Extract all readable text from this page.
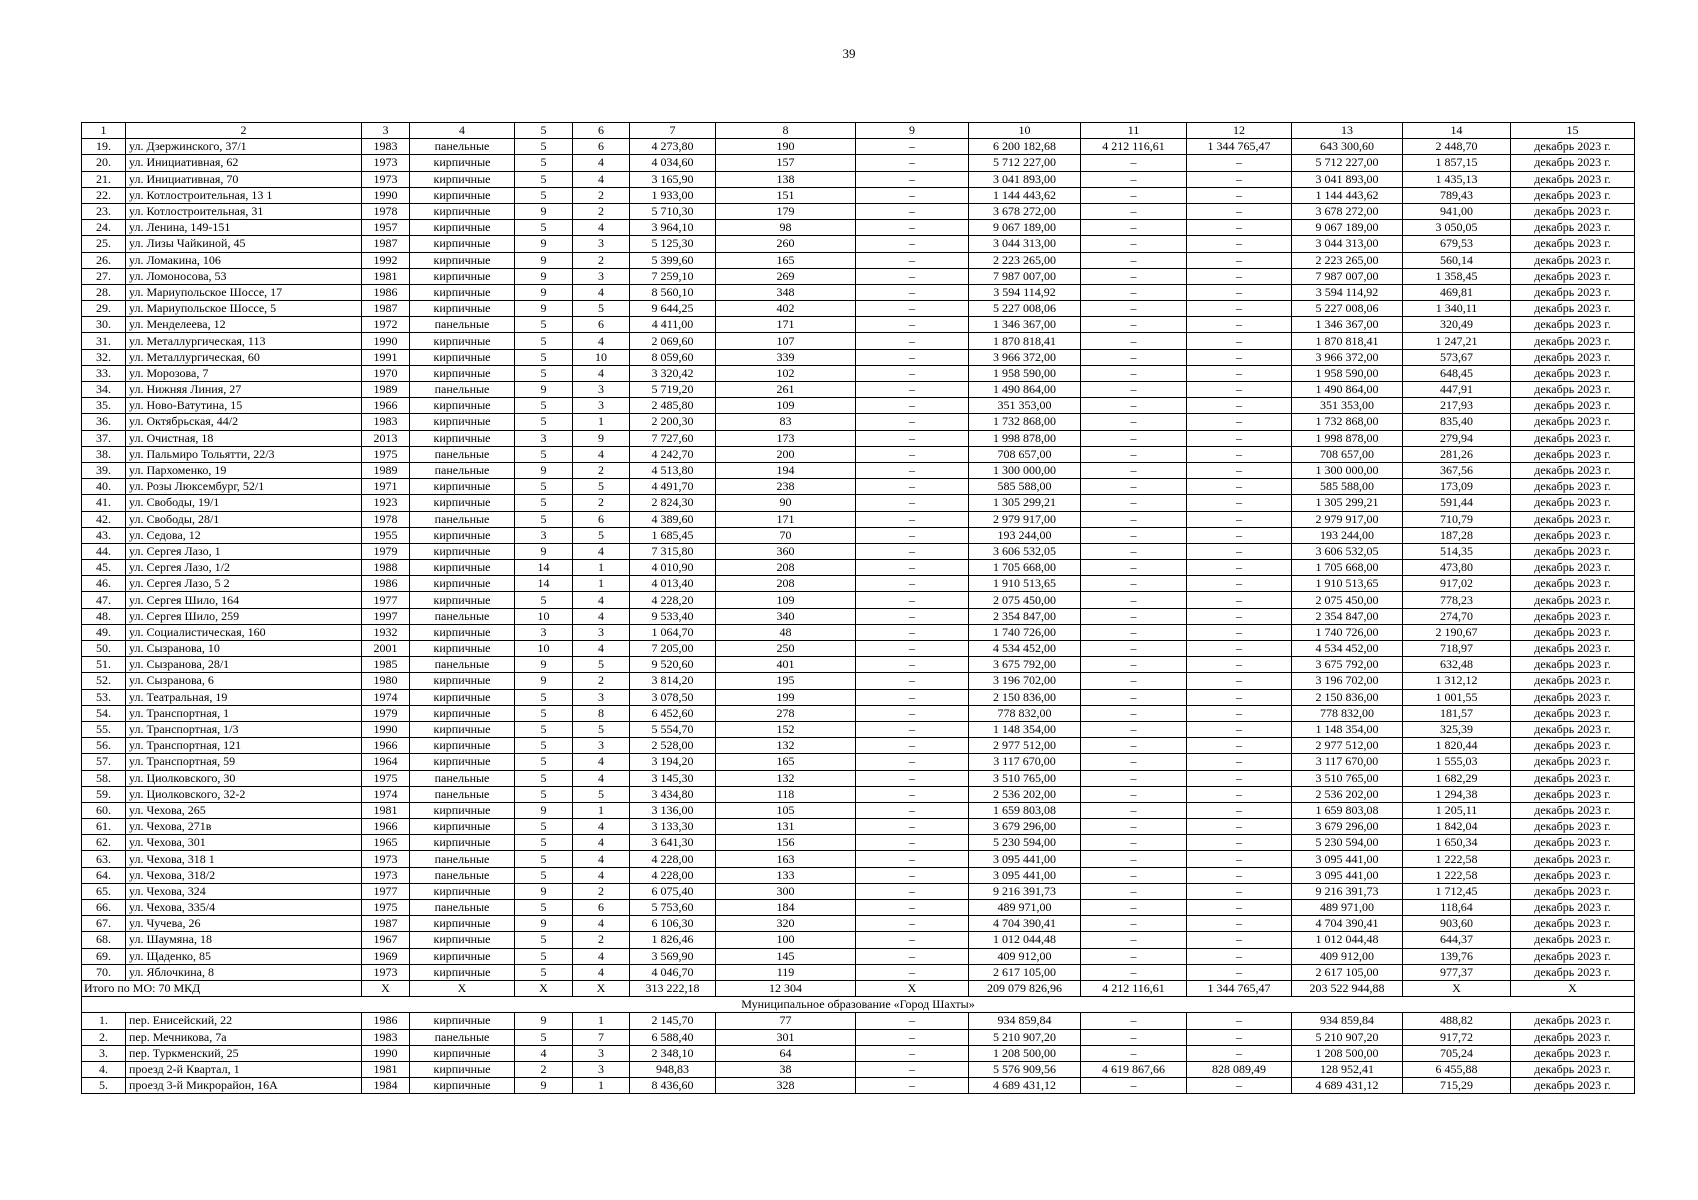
39
1	2	3	4	5	6	7	8	9	10	11	12	13	14	15
19.	ул. Дзержинского, 37/1	1983	панельные	5	6	4 273,80	190	–	6 200 182,68	4 212 116,61	1 344 765,47	643 300,60	2 448,70	декабрь 2023 г.
20.	ул. Инициативная, 62	1973	кирпичные	5	4	4 034,60	157	–	5 712 227,00	–	–	5 712 227,00	1 857,15	декабрь 2023 г.
21.	ул. Инициативная, 70	1973	кирпичные	5	4	3 165,90	138	–	3 041 893,00	–	–	3 041 893,00	1 435,13	декабрь 2023 г.
22.	ул. Котлостроительная, 13 1	1990	кирпичные	5	2	1 933,00	151	–	1 144 443,62	–	–	1 144 443,62	789,43	декабрь 2023 г.
23.	ул. Котлостроительная, 31	1978	кирпичные	9	2	5 710,30	179	–	3 678 272,00	–	–	3 678 272,00	941,00	декабрь 2023 г.
24.	ул. Ленина, 149-151	1957	кирпичные	5	4	3 964,10	98	–	9 067 189,00	–	–	9 067 189,00	3 050,05	декабрь 2023 г.
25.	ул. Лизы Чайкиной, 45	1987	кирпичные	9	3	5 125,30	260	–	3 044 313,00	–	–	3 044 313,00	679,53	декабрь 2023 г.
26.	ул. Ломакина, 106	1992	кирпичные	9	2	5 399,60	165	–	2 223 265,00	–	–	2 223 265,00	560,14	декабрь 2023 г.
27.	ул. Ломоносова, 53	1981	кирпичные	9	3	7 259,10	269	–	7 987 007,00	–	–	7 987 007,00	1 358,45	декабрь 2023 г.
28.	ул. Мариупольское Шоссе, 17	1986	кирпичные	9	4	8 560,10	348	–	3 594 114,92	–	–	3 594 114,92	469,81	декабрь 2023 г.
29.	ул. Мариупольское Шоссе, 5	1987	кирпичные	9	5	9 644,25	402	–	5 227 008,06	–	–	5 227 008,06	1 340,11	декабрь 2023 г.
30.	ул. Менделеева, 12	1972	панельные	5	6	4 411,00	171	–	1 346 367,00	–	–	1 346 367,00	320,49	декабрь 2023 г.
31.	ул. Металлургическая, 113	1990	кирпичные	5	4	2 069,60	107	–	1 870 818,41	–	–	1 870 818,41	1 247,21	декабрь 2023 г.
32.	ул. Металлургическая, 60	1991	кирпичные	5	10	8 059,60	339	–	3 966 372,00	–	–	3 966 372,00	573,67	декабрь 2023 г.
33.	ул. Морозова, 7	1970	кирпичные	5	4	3 320,42	102	–	1 958 590,00	–	–	1 958 590,00	648,45	декабрь 2023 г.
34.	ул. Нижняя Линия, 27	1989	панельные	9	3	5 719,20	261	–	1 490 864,00	–	–	1 490 864,00	447,91	декабрь 2023 г.
35.	ул. Ново-Ватутина, 15	1966	кирпичные	5	3	2 485,80	109	–	351 353,00	–	–	351 353,00	217,93	декабрь 2023 г.
36.	ул. Октябрьская, 44/2	1983	кирпичные	5	1	2 200,30	83	–	1 732 868,00	–	–	1 732 868,00	835,40	декабрь 2023 г.
37.	ул. Очистная, 18	2013	кирпичные	3	9	7 727,60	173	–	1 998 878,00	–	–	1 998 878,00	279,94	декабрь 2023 г.
38.	ул. Пальмиро Тольятти, 22/3	1975	панельные	5	4	4 242,70	200	–	708 657,00	–	–	708 657,00	281,26	декабрь 2023 г.
39.	ул. Пархоменко, 19	1989	панельные	9	2	4 513,80	194	–	1 300 000,00	–	–	1 300 000,00	367,56	декабрь 2023 г.
40.	ул. Розы Люксембург, 52/1	1971	кирпичные	5	5	4 491,70	238	–	585 588,00	–	–	585 588,00	173,09	декабрь 2023 г.
41.	ул. Свободы, 19/1	1923	кирпичные	5	2	2 824,30	90	–	1 305 299,21	–	–	1 305 299,21	591,44	декабрь 2023 г.
42.	ул. Свободы, 28/1	1978	панельные	5	6	4 389,60	171	–	2 979 917,00	–	–	2 979 917,00	710,79	декабрь 2023 г.
43.	ул. Седова, 12	1955	кирпичные	3	5	1 685,45	70	–	193 244,00	–	–	193 244,00	187,28	декабрь 2023 г.
44.	ул. Сергея Лазо, 1	1979	кирпичные	9	4	7 315,80	360	–	3 606 532,05	–	–	3 606 532,05	514,35	декабрь 2023 г.
45.	ул. Сергея Лазо, 1/2	1988	кирпичные	14	1	4 010,90	208	–	1 705 668,00	–	–	1 705 668,00	473,80	декабрь 2023 г.
46.	ул. Сергея Лазо, 5 2	1986	кирпичные	14	1	4 013,40	208	–	1 910 513,65	–	–	1 910 513,65	917,02	декабрь 2023 г.
47.	ул. Сергея Шило, 164	1977	кирпичные	5	4	4 228,20	109	–	2 075 450,00	–	–	2 075 450,00	778,23	декабрь 2023 г.
48.	ул. Сергея Шило, 259	1997	панельные	10	4	9 533,40	340	–	2 354 847,00	–	–	2 354 847,00	274,70	декабрь 2023 г.
49.	ул. Социалистическая, 160	1932	кирпичные	3	3	1 064,70	48	–	1 740 726,00	–	–	1 740 726,00	2 190,67	декабрь 2023 г.
50.	ул. Сызранова, 10	2001	кирпичные	10	4	7 205,00	250	–	4 534 452,00	–	–	4 534 452,00	718,97	декабрь 2023 г.
51.	ул. Сызранова, 28/1	1985	панельные	9	5	9 520,60	401	–	3 675 792,00	–	–	3 675 792,00	632,48	декабрь 2023 г.
52.	ул. Сызранова, 6	1980	кирпичные	9	2	3 814,20	195	–	3 196 702,00	–	–	3 196 702,00	1 312,12	декабрь 2023 г.
53.	ул. Театральная, 19	1974	кирпичные	5	3	3 078,50	199	–	2 150 836,00	–	–	2 150 836,00	1 001,55	декабрь 2023 г.
54.	ул. Транспортная, 1	1979	кирпичные	5	8	6 452,60	278	–	778 832,00	–	–	778 832,00	181,57	декабрь 2023 г.
55.	ул. Транспортная, 1/3	1990	кирпичные	5	5	5 554,70	152	–	1 148 354,00	–	–	1 148 354,00	325,39	декабрь 2023 г.
56.	ул. Транспортная, 121	1966	кирпичные	5	3	2 528,00	132	–	2 977 512,00	–	–	2 977 512,00	1 820,44	декабрь 2023 г.
57.	ул. Транспортная, 59	1964	кирпичные	5	4	3 194,20	165	–	3 117 670,00	–	–	3 117 670,00	1 555,03	декабрь 2023 г.
58.	ул. Циолковского, 30	1975	панельные	5	4	3 145,30	132	–	3 510 765,00	–	–	3 510 765,00	1 682,29	декабрь 2023 г.
59.	ул. Циолковского, 32-2	1974	панельные	5	5	3 434,80	118	–	2 536 202,00	–	–	2 536 202,00	1 294,38	декабрь 2023 г.
60.	ул. Чехова, 265	1981	кирпичные	9	1	3 136,00	105	–	1 659 803,08	–	–	1 659 803,08	1 205,11	декабрь 2023 г.
61.	ул. Чехова, 271в	1966	кирпичные	5	4	3 133,30	131	–	3 679 296,00	–	–	3 679 296,00	1 842,04	декабрь 2023 г.
62.	ул. Чехова, 301	1965	кирпичные	5	4	3 641,30	156	–	5 230 594,00	–	–	5 230 594,00	1 650,34	декабрь 2023 г.
63.	ул. Чехова, 318 1	1973	панельные	5	4	4 228,00	163	–	3 095 441,00	–	–	3 095 441,00	1 222,58	декабрь 2023 г.
64.	ул. Чехова, 318/2	1973	панельные	5	4	4 228,00	133	–	3 095 441,00	–	–	3 095 441,00	1 222,58	декабрь 2023 г.
65.	ул. Чехова, 324	1977	кирпичные	9	2	6 075,40	300	–	9 216 391,73	–	–	9 216 391,73	1 712,45	декабрь 2023 г.
66.	ул. Чехова, 335/4	1975	панельные	5	6	5 753,60	184	–	489 971,00	–	–	489 971,00	118,64	декабрь 2023 г.
67.	ул. Чучева, 26	1987	кирпичные	9	4	6 106,30	320	–	4 704 390,41	–	–	4 704 390,41	903,60	декабрь 2023 г.
68.	ул. Шаумяна, 18	1967	кирпичные	5	2	1 826,46	100	–	1 012 044,48	–	–	1 012 044,48	644,37	декабрь 2023 г.
69.	ул. Щаденко, 85	1969	кирпичные	5	4	3 569,90	145	–	409 912,00	–	–	409 912,00	139,76	декабрь 2023 г.
70.	ул. Яблочкина, 8	1973	кирпичные	5	4	4 046,70	119	–	2 617 105,00	–	–	2 617 105,00	977,37	декабрь 2023 г.
Итого по МО: 70 МКД		X	X	X	X	313 222,18	12 304	X	209 079 826,96	4 212 116,61	1 344 765,47	203 522 944,88	X	X
Муниципальное образование «Город Шахты»														
1.	пер. Енисейский, 22	1986	кирпичные	9	1	2 145,70	77	–	934 859,84	–	–	934 859,84	488,82	декабрь 2023 г.
2.	пер. Мечникова, 7а	1983	панельные	5	7	6 588,40	301	–	5 210 907,20	–	–	5 210 907,20	917,72	декабрь 2023 г.
3.	пер. Туркменский, 25	1990	кирпичные	4	3	2 348,10	64	–	1 208 500,00	–	–	1 208 500,00	705,24	декабрь 2023 г.
4.	проезд 2-й Квартал, 1	1981	кирпичные	2	3	948,83	38	–	5 576 909,56	4 619 867,66	828 089,49	128 952,41	6 455,88	декабрь 2023 г.
5.	проезд 3-й Микрорайон, 16А	1984	кирпичные	9	1	8 436,60	328	–	4 689 431,12	–	–	4 689 431,12	715,29	декабрь 2023 г.
